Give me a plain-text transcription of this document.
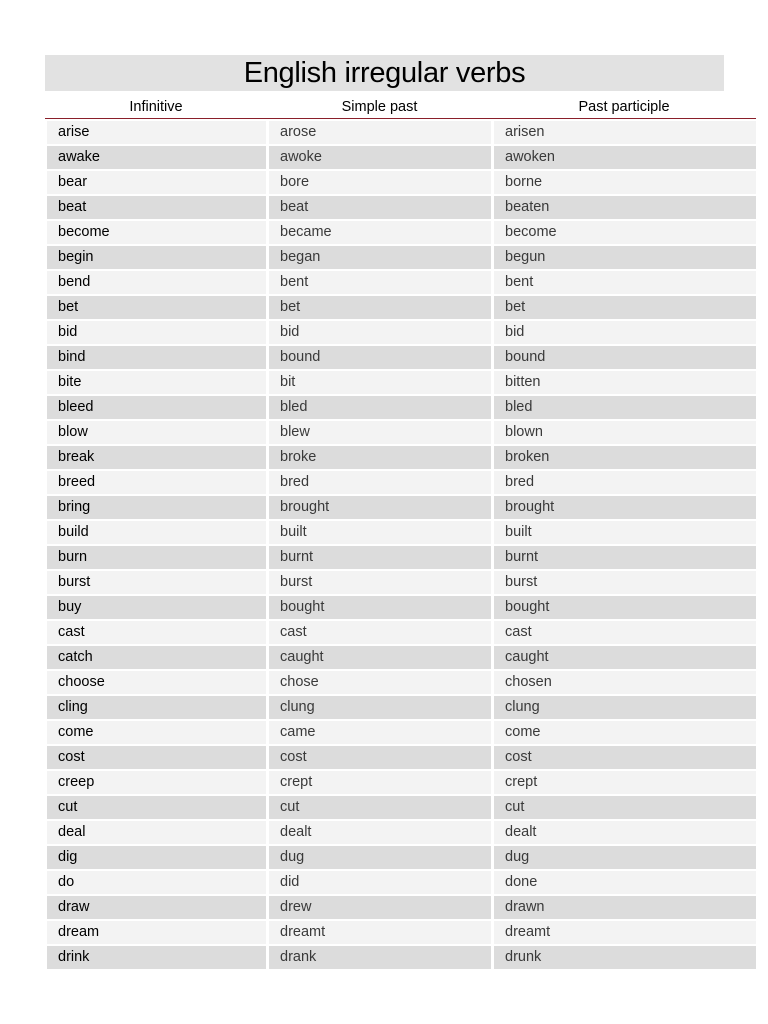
English irregular verbs
Infinitive	Simple past	Past participle
arise	arose	arisen
awake	awoke	awoken
bear	bore	borne
beat	beat	beaten
become	became	become
begin	began	begun
bend	bent	bent
bet	bet	bet
bid	bid	bid
bind	bound	bound
bite	bit	bitten
bleed	bled	bled
blow	blew	blown
break	broke	broken
breed	bred	bred
bring	brought	brought
build	built	built
burn	burnt	burnt
burst	burst	burst
buy	bought	bought
cast	cast	cast
catch	caught	caught
choose	chose	chosen
cling	clung	clung
come	came	come
cost	cost	cost
creep	crept	crept
cut	cut	cut
deal	dealt	dealt
dig	dug	dug
do	did	done
draw	drew	drawn
dream	dreamt	dreamt
drink	drank	drunk
